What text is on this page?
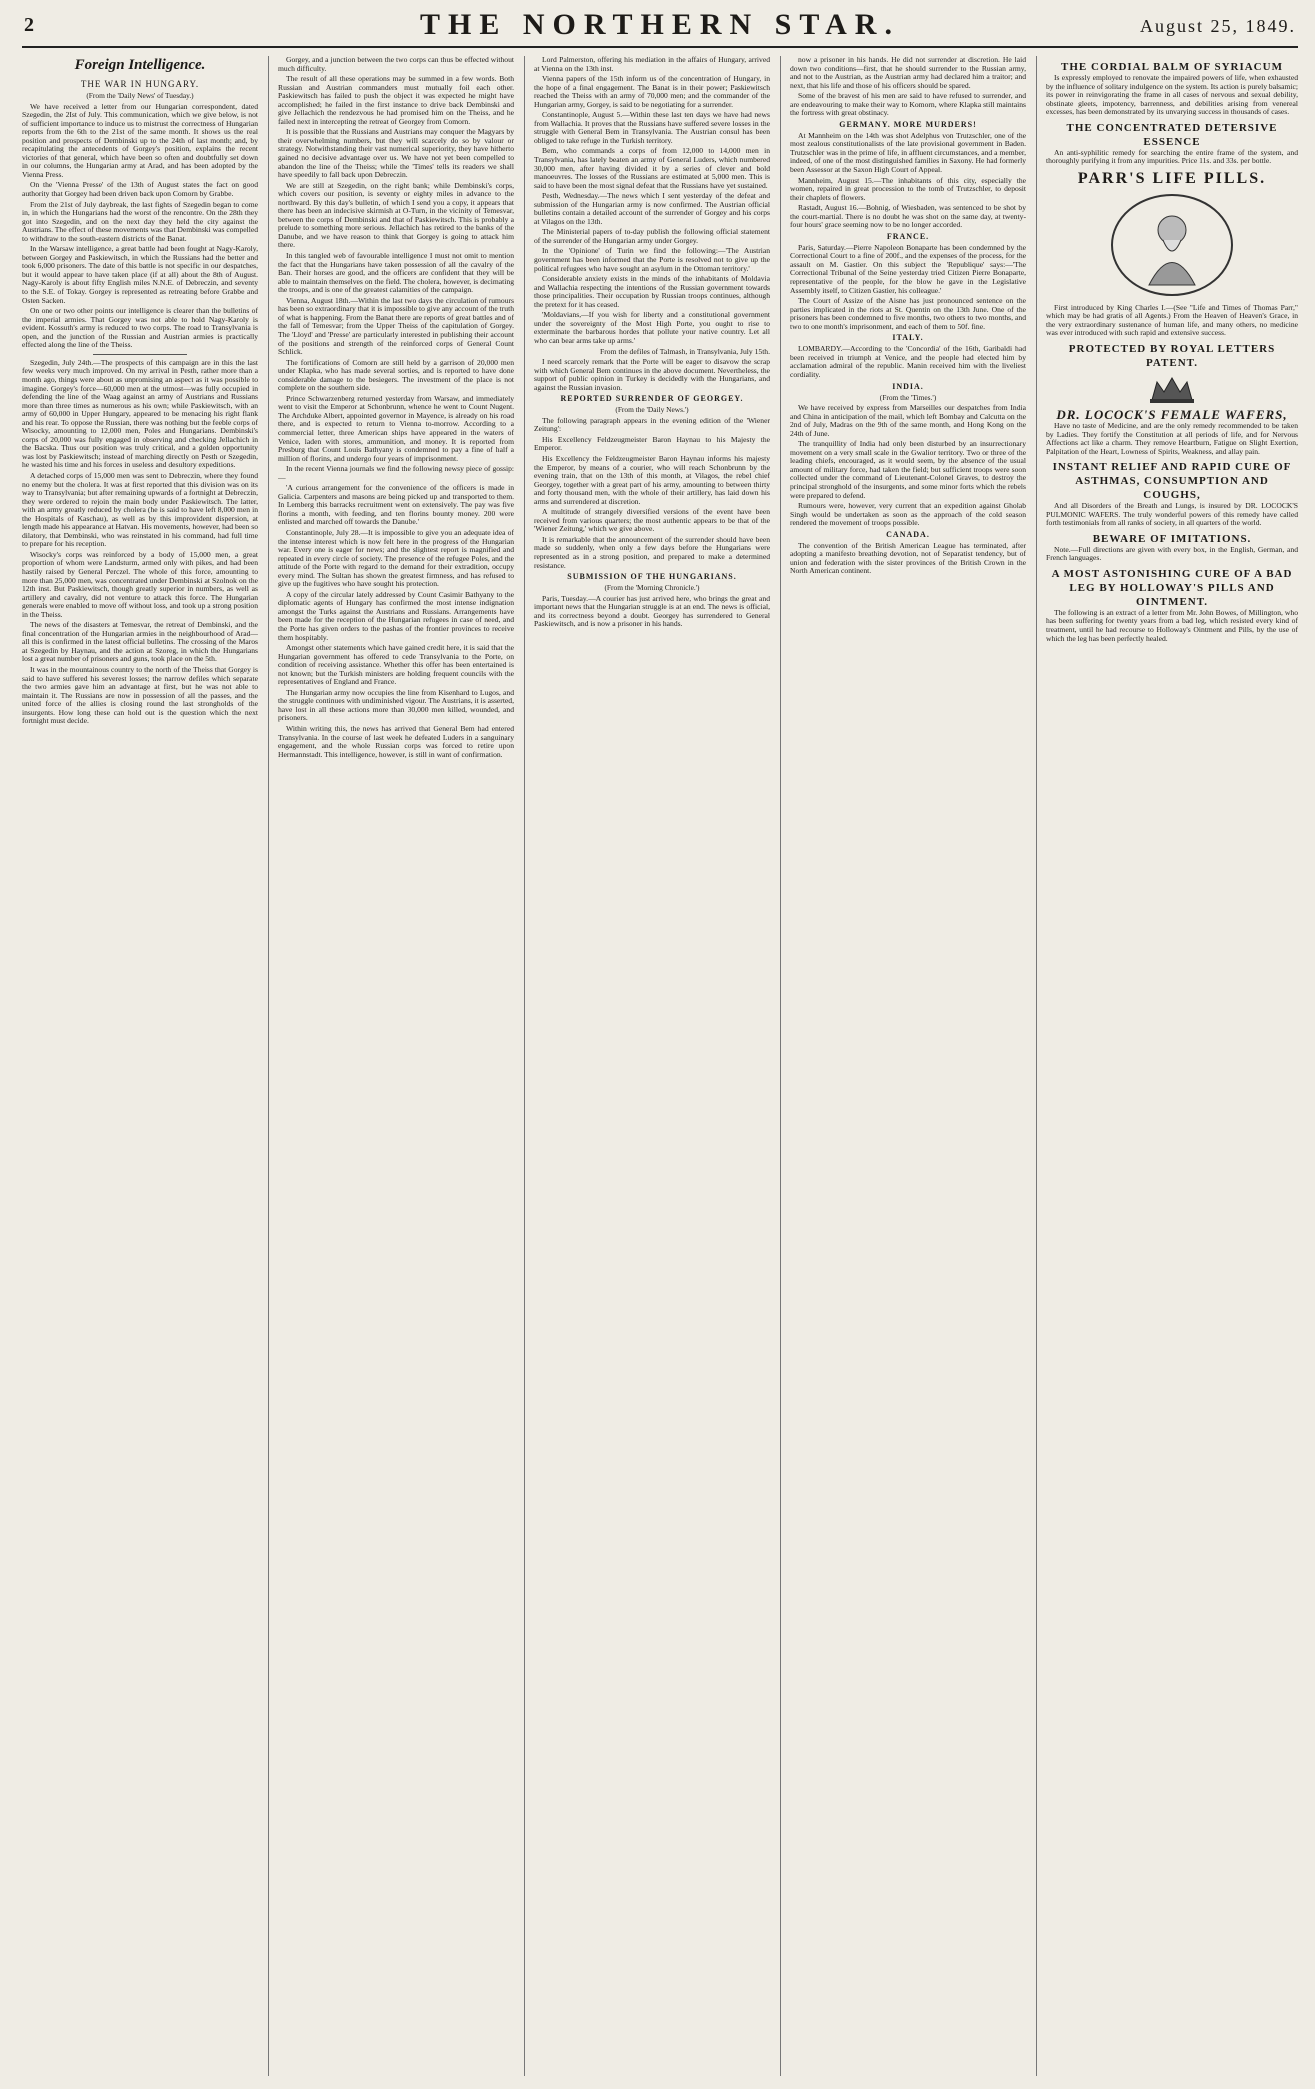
2	THE NORTHERN STAR.	August 25, 1849.
Foreign Intelligence.
THE WAR IN HUNGARY.
(From the 'Daily News' of Tuesday.)

We have received a letter from our Hungarian correspondent, dated Szegedin, the 2Ist of July. This communication, which we give below, is not of sufficient importance to induce us to mistrust the correctness of Hungarian reports from the 6th to the 21st of the same month. It shows us the real position and prospects of Dembinski up to the 24th of last month; and, by recapitulating the antecedents of Gorgey's position, explains the recent victories of that general, which have been so often and doubtfully set down in our columns, the Hungarian army at Arad, and has been adopted by the Vienna Press.

On the 'Vienna Presse' of the 13th of August states the fact on good authority that Gorgey had been driven back upon Comorn by Grabbe.

From the 21st of July daybreak, the last fights of Szegedin began to come in, in which the Hungarians had the worst of the rencontre. On the 28th they got into Szegedin, and on the next day they held the city against the Austrians. The effect of these movements was that Dembinski was compelled to withdraw to the south-eastern districts of the Banat.

In the Warsaw intelligence, a great battle had been fought at Nagy-Karoly, between Gorgey and Paskiewitsch, in which the Russians had the better and took 6,000 prisoners. The date of this battle is not specific in our despatches, but it would appear to have taken place (if at all) about the 8th of August. Nagy-Karoly is about fifty English miles N.N.E. of Debreczin, and seventy to the S.E. of Tokay. Gorgey is represented as retreating before Grabbe and Osten Sacken.

On one or two other points our intelligence is clearer than the bulletins of the imperial armies. That Gorgey was not able to hold Nagy-Karoly is evident. Kossuth's army is reduced to two corps. The road to Transylvania is open, and the junction of the Russian and Austrian armies is practically effected along the line of the Theiss.

Szegedin, July 24th.—The prospects of this campaign are in this the last few weeks very much improved. On my arrival in Pesth, rather more than a month ago, things were about as unpromising an aspect as it was possible to imagine. Gorgey's force—60,000 men at the utmost—was fully occupied in defending the line of the Waag against an army of Austrians and Russians more than three times as numerous as his own; while Paskiewitsch, with an army of 60,000 in Upper Hungary, appeared to be menacing his right flank and his rear. To oppose the Russian, there was nothing but the feeble corps of Wisocky, amounting to 12,000 men, Poles and Hungarians. Dembinski's corps of 20,000 was fully engaged in observing and checking Jellachich in the Bacska. Thus our position was truly critical, and a golden opportunity was lost by Paskiewitsch; instead of marching directly on Pesth or Szegedin, he wasted his time and his forces in useless and desultory expeditions.

A detached corps of 15,000 men was sent to Debreczin, where they found no enemy but the cholera. It was at first reported that this division was on its way to Transylvania; but after remaining upwards of a fortnight at Debreczin, they were ordered to rejoin the main body under Paskiewitsch. The latter, with an army greatly reduced by cholera (he is said to have left 8,000 men in the Hospitals of Kaschau), as well as by this improvident dispersion, at length made his appearance at Hatvan. His movements, however, had been so dilatory, that Dembinski, who was reinstated in his command, had full time to prepare for his reception.

Wisocky's corps was reinforced by a body of 15,000 men, a great proportion of whom were Landsturm, armed only with pikes, and had been hastily raised by General Perczel. The whole of this force, amounting to more than 25,000 men, was concentrated under Dembinski at Szolnok on the 12th inst. But Paskiewitsch, though greatly superior in numbers, as well as artillery and cavalry, did not venture to attack this force. The Hungarian generals were enabled to move off without loss, and took up a strong position in the Theiss.

The news of the disasters at Temesvar, the retreat of Dembinski, and the final concentration of the Hungarian armies in the neighbourhood of Arad—all this is confirmed in the latest official bulletins. The crossing of the Maros at Szegedin by Haynau, and the action at Szoreg, in which the Hungarians lost a great number of prisoners and guns, took place on the 5th.

It was in the mountainous country to the north of the Theiss that Gorgey is said to have suffered his severest losses; the narrow defiles which separate the two armies gave him an advantage at first, but he was not able to maintain it. The Russians are now in possession of all the passes, and the united force of the allies is closing round the last strongholds of the insurgents. How long these can hold out is the question which the next fortnight must decide.

Gorgey, and a junction between the two corps can thus be effected without much difficulty.

The result of all these operations may be summed in a few words. Both Russian and Austrian commanders must mutually foil each other. Paskiewitsch has failed to push the object it was expected he might have accomplished; he failed in the first instance to drive back Dembinski and give Jellachich the rendezvous he had promised him on the Theiss, and he failed next in intercepting the retreat of Georgey from Comorn.

It is possible that the Russians and Austrians may conquer the Magyars by their overwhelming numbers, but they will scarcely do so by valour or strategy. Notwithstanding their vast numerical superiority, they have hitherto gained no decisive advantage over us. We have not yet been compelled to abandon the line of the Theiss; while the 'Times' tells its readers we shall have speedily to fall back upon Debreczin.

We are still at Szegedin, on the right bank; while Dembinski's corps, which covers our position, is seventy or eighty miles in advance to the northward. By this day's bulletin, of which I send you a copy, it appears that there has been an indecisive skirmish at O-Turn, in the vicinity of Temesvar, between the corps of Dembinski and that of Paskiewitsch. This is probably a prelude to something more serious. Jellachich has retired to the banks of the Danube, and we have reason to think that Gorgey is going to attack him there.

In this tangled web of favourable intelligence I must not omit to mention the fact that the Hungarians have taken possession of all the cavalry of the Ban. Their horses are good, and the officers are confident that they will be able to maintain themselves on the field. The cholera, however, is decimating the troops, and is one of the greatest calamities of the campaign.

Vienna, August 18th.—Within the last two days the circulation of rumours has been so extraordinary that it is impossible to give any account of the truth of what is happening. From the Banat there are reports of great battles and of the fall of Temesvar; from the Upper Theiss of the capitulation of Gorgey. The 'Lloyd' and 'Presse' are particularly interested in publishing their account of the positions and strength of the reinforced corps of General Count Schlick.

The fortifications of Comorn are still held by a garrison of 20,000 men under Klapka, who has made several sorties, and is reported to have done considerable damage to the besiegers. The investment of the place is not complete on the southern side.

Prince Schwarzenberg returned yesterday from Warsaw, and immediately went to visit the Emperor at Schonbrunn, whence he went to Count Nugent. The Archduke Albert, appointed governor in Mayence, is already on his road there, and is expected to return to Vienna to-morrow. According to a commercial letter, three American ships have appeared in the waters of Venice, laden with stores, ammunition, and money. It is reported from Presburg that Count Louis Bathyany is condemned to pay a fine of half a million of florins, and undergo four years of imprisonment.

In the recent Vienna journals we find the following newsy piece of gossip:—

'A curious arrangement for the convenience of the officers is made in Galicia. Carpenters and masons are being picked up and transported to them. In Lemberg this barracks recruitment went on extensively. The pay was five florins a month, with feeding, and ten florins bounty money. 200 were enlisted and marched off towards the Danube.'

Constantinople, July 28.—It is impossible to give you an adequate idea of the intense interest which is now felt here in the progress of the Hungarian war. Every one is eager for news; and the slightest report is magnified and repeated in every circle of society. The presence of the refugee Poles, and the attitude of the Porte with regard to the demand for their extradition, occupy every mind. The Sultan has shown the greatest firmness, and has refused to give up the fugitives who have sought his protection.

A copy of the circular lately addressed by Count Casimir Bathyany to the diplomatic agents of Hungary has confirmed the most intense indignation amongst the Turks against the Austrians and Russians. Arrangements have been made for the reception of the Hungarian refugees in case of need, and the Porte has given orders to the pashas of the frontier provinces to receive them hospitably.

Amongst other statements which have gained credit here, it is said that the Hungarian government has offered to cede Transylvania to the Porte, on condition of receiving assistance. Whether this offer has been entertained is not known; but the Turkish ministers are holding frequent councils with the representatives of England and France.

The Hungarian army now occupies the line from Kisenhard to Lugos, and the struggle continues with undiminished vigour. The Austrians, it is asserted, have lost in all these actions more than 30,000 men killed, wounded, and prisoners.

Within writing this, the news has arrived that General Bem had entered Transylvania. In the course of last week he defeated Luders in a sanguinary engagement, and the whole Russian corps was forced to retire upon Hermannstadt. This intelligence, however, is still in want of confirmation.

Lord Palmerston, offering his mediation in the affairs of Hungary, arrived at Vienna on the 13th inst.

Vienna papers of the 15th inform us of the concentration of Hungary, in the hope of a final engagement. The Banat is in their power; Paskiewitsch reached the Theiss with an army of 70,000 men; and the commander of the Hungarian army, Gorgey, is said to be negotiating for a surrender.

Constantinople, August 5.—Within these last ten days we have had news from Wallachia. It proves that the Russians have suffered severe losses in the struggle with General Bem in Transylvania. The Austrian consul has been obliged to take refuge in the Turkish territory.

Bem, who commands a corps of from 12,000 to 14,000 men in Transylvania, has lately beaten an army of General Luders, which numbered 30,000 men, after having divided it by a series of clever and bold manoeuvres. The losses of the Russians are estimated at 5,000 men. This is said to have been the most signal defeat that the Russians have yet sustained.

Pesth, Wednesday.—The news which I sent yesterday of the defeat and submission of the Hungarian army is now confirmed. The Austrian official bulletins contain a detailed account of the surrender of Gorgey and his corps at Vilagos on the 13th.

The Ministerial papers of to-day publish the following official statement of the surrender of the Hungarian army under Gorgey.

In the 'Opinione' of Turin we find the following:—'The Austrian government has been informed that the Porte is resolved not to give up the political refugees who have sought an asylum in the Ottoman territory.'

Considerable anxiety exists in the minds of the inhabitants of Moldavia and Wallachia respecting the intentions of the Russian government towards those principalities. Their occupation by Russian troops continues, although the pretext for it has ceased.

'Moldavians,—If you wish for liberty and a constitutional government under the sovereignty of the Most High Porte, you ought to rise to exterminate the barbarous hordes that pollute your native country. Let all who can bear arms take up arms.'

From the defiles of Talmash, in Transylvania, July 15th.

I need scarcely remark that the Porte will be eager to disavow the scrap with which General Bem continues in the above document. Nevertheless, the support of public opinion in Turkey is decidedly with the Hungarians, and against the Russian invasion.

REPORTED SURRENDER OF GEORGEY.
(From the 'Daily News.')

The following paragraph appears in the evening edition of the 'Wiener Zeitung':

His Excellency Feldzeugmeister Baron Haynau to his Majesty the Emperor.

His Excellency the Feldzeugmeister Baron Haynau informs his majesty the Emperor, by means of a courier, who will reach Schonbrunn by the evening train, that on the 13th of this month, at Vilagos, the rebel chief Georgey, together with a great part of his army, amounting to between thirty and forty thousand men, with the whole of their artillery, has laid down his arms and surrendered at discretion.

A multitude of strangely diversified versions of the event have been received from various quarters; the most authentic appears to be that of the 'Wiener Zeitung,' which we give above.

It is remarkable that the announcement of the surrender should have been made so suddenly, when only a few days before the Hungarians were represented as in a strong position, and prepared to make a determined resistance.

SUBMISSION OF THE HUNGARIANS.
(From the 'Morning Chronicle.')

Paris, Tuesday.—A courier has just arrived here, who brings the great and important news that the Hungarian struggle is at an end. The news is official, and its correctness beyond a doubt. Georgey has surrendered to General Paskiewitsch, and is now a prisoner in his hands.

now a prisoner in his hands. He did not surrender at discretion. He laid down two conditions—first, that he should surrender to the Russian army, and not to the Austrian, as the Austrian army had declared him a traitor; and next, that his life and those of his officers should be spared.

Some of the bravest of his men are said to have refused to surrender, and are endeavouring to make their way to Komorn, where Klapka still maintains the fortress with great obstinacy.

GERMANY. MORE MURDERS!

At Mannheim on the 14th was shot Adelphus von Trutzschler, one of the most zealous constitutionalists of the late provisional government in Baden. Trutzschler was in the prime of life, in affluent circumstances, and a member, indeed, of one of the most distinguished families in Saxony. He had formerly been Assessor at the Saxon High Court of Appeal.

Mannheim, August 15.—The inhabitants of this city, especially the women, repaired in great procession to the tomb of Trutzschler, to deposit their chaplets of flowers.

Rastadt, August 16.—Bohnig, of Wiesbaden, was sentenced to be shot by the court-martial. There is no doubt he was shot on the same day, at twenty-four hours' grace seeming now to be no longer accorded.

FRANCE.

Paris, Saturday.—Pierre Napoleon Bonaparte has been condemned by the Correctional Court to a fine of 200f., and the expenses of the process, for the assault on M. Gastier. On this subject the 'Republique' says:—'The Correctional Tribunal of the Seine yesterday tried Citizen Pierre Bonaparte, representative of the people, for the blow he gave in the Legislative Assembly itself, to Citizen Gastier, his colleague.'

The Court of Assize of the Aisne has just pronounced sentence on the parties implicated in the riots at St. Quentin on the 13th June. One of the prisoners has been condemned to five months, two others to two months, and two to one month's imprisonment, and each of them to 50f. fine.

ITALY.

LOMBARDY.—According to the 'Concordia' of the 16th, Garibaldi had been received in triumph at Venice, and the people had elected him by acclamation admiral of the republic. Manin received him with the liveliest cordiality.

INDIA.
(From the 'Times.')

We have received by express from Marseilles our despatches from India and China in anticipation of the mail, which left Bombay and Calcutta on the 2nd of July, Madras on the 9th of the same month, and Hong Kong on the 24th of June.

The tranquillity of India had only been disturbed by an insurrectionary movement on a very small scale in the Gwalior territory. Two or three of the leading chiefs, encouraged, as it would seem, by the absence of the usual amount of military force, had taken the field; but sufficient troops were soon collected under the command of Lieutenant-Colonel Graves, to destroy the principal stronghold of the insurgents, and some minor forts which the rebels were prepared to defend.

Rumours were, however, very current that an expedition against Gholab Singh would be undertaken as soon as the approach of the cold season rendered the movement of troops possible.

CANADA.

The convention of the British American League has terminated, after adopting a manifesto breathing devotion, not of Separatist tendency, but of union and federation with the sister provinces of the British Crown in the North American continent.

THE CORDIAL BALM OF SYRIACUM

Is expressly employed to renovate the impaired powers of life, when exhausted by the influence of solitary indulgence on the system. Its action is purely balsamic; its power in reinvigorating the frame in all cases of nervous and sexual debility, obstinate gleets, impotency, barrenness, and debilities arising from venereal excesses, has been demonstrated by its unvarying success in thousands of cases.

THE CONCENTRATED DETERSIVE ESSENCE

An anti-syphilitic remedy for searching the entire frame of the system, and thoroughly purifying it from any impurities. Price 11s. and 33s. per bottle.

PARR'S LIFE PILLS.

First introduced by King Charles I.—(See "Life and Times of Thomas Parr," which may be had gratis of all Agents.) From the Heaven of Heaven's Grace, in the very extraordinary sustenance of human life, and many others, no medicine was ever introduced with such rapid and extensive success.

PROTECTED BY ROYAL LETTERS PATENT.
DR. LOCOCK'S FEMALE WAFERS,

Have no taste of Medicine, and are the only remedy recommended to be taken by Ladies. They fortify the Constitution at all periods of life, and for Nervous Affections act like a charm. They remove Heartburn, Fatigue on Slight Exertion, Palpitation of the Heart, Lowness of Spirits, Weakness, and allay pain.

INSTANT RELIEF AND RAPID CURE OF ASTHMAS, CONSUMPTION AND COUGHS,

And all Disorders of the Breath and Lungs, is insured by DR. LOCOCK'S PULMONIC WAFERS. The truly wonderful powers of this remedy have called forth testimonials from all ranks of society, in all quarters of the world.

BEWARE OF IMITATIONS.

Note.—Full directions are given with every box, in the English, German, and French languages.

A MOST ASTONISHING CURE OF A BAD LEG BY HOLLOWAY'S PILLS AND OINTMENT.

The following is an extract of a letter from Mr. John Bowes, of Millington, who has been suffering for twenty years from a bad leg, which resisted every kind of treatment, until he had recourse to Holloway's Ointment and Pills, by the use of which the leg has been perfectly healed.
